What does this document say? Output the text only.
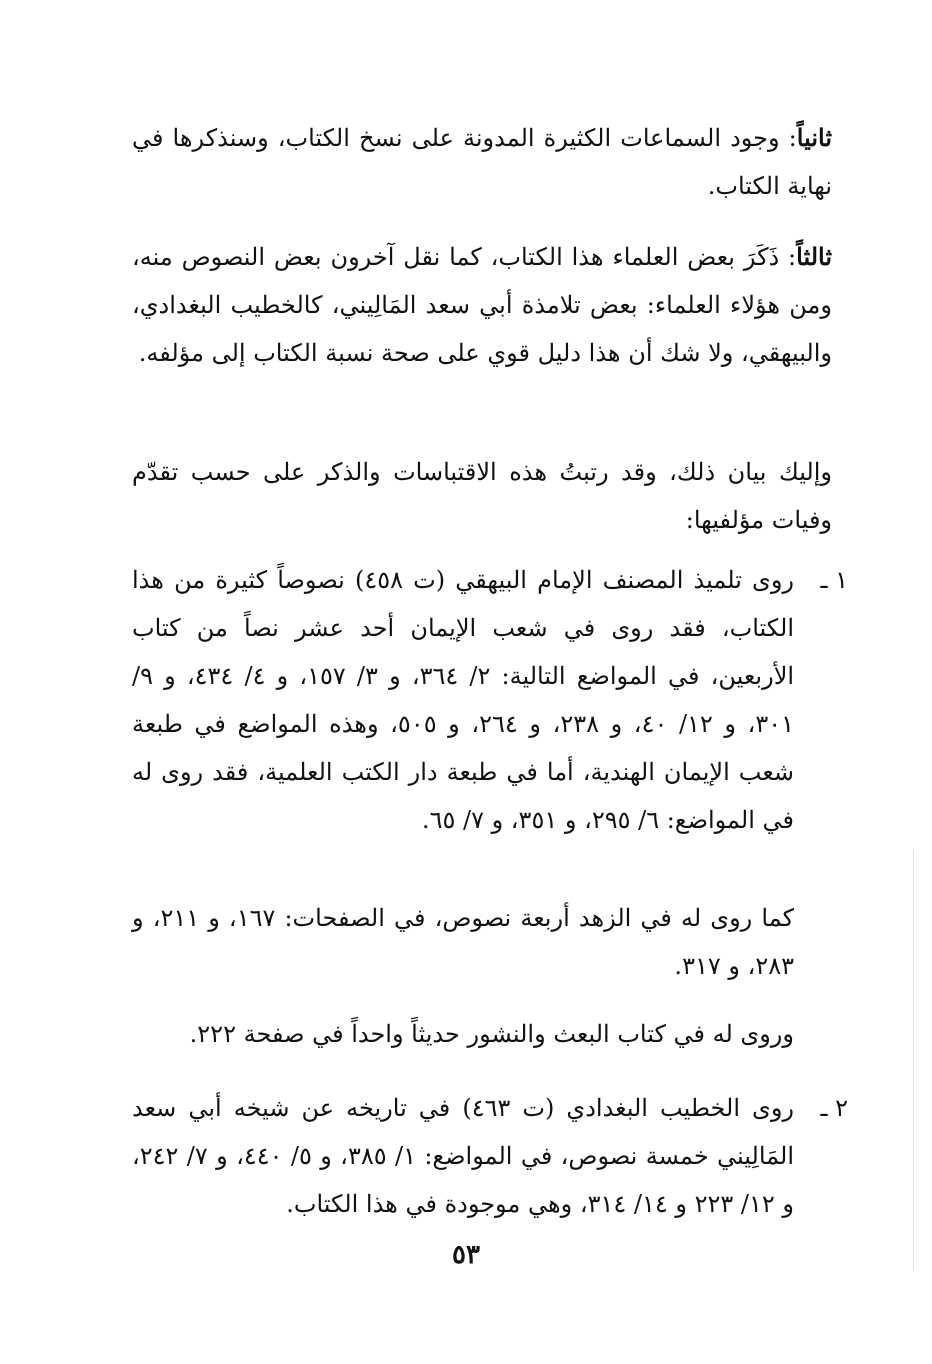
ثانياً: وجود السماعات الكثيرة المدونة على نسخ الكتاب، وسنذكرها في نهاية الكتاب.

ثالثاً: ذَكَرَ بعض العلماء هذا الكتاب، كما نقل آخرون بعض النصوص منه، ومن هؤلاء العلماء: بعض تلامذة أبي سعد المَالِيني، كالخطيب البغدادي، والبيهقي، ولا شك أن هذا دليل قوي على صحة نسبة الكتاب إلى مؤلفه.

وإليك بيان ذلك، وقد رتبتُ هذه الاقتباسات والذكر على حسب تقدّم وفيات مؤلفيها:

١ ـ
روى تلميذ المصنف الإمام البيهقي (ت ٤٥٨) نصوصاً كثيرة من هذا الكتاب، فقد روى في شعب الإيمان أحد عشر نصاً من كتاب الأربعين، في المواضع التالية: ٢/ ٣٦٤، و ٣/ ١٥٧، و ٤/ ٤٣٤، و ٩/ ٣٠١، و ١٢/ ٤٠، و ٢٣٨، و ٢٦٤، و ٥٠٥، وهذه المواضع في طبعة شعب الإيمان الهندية، أما في طبعة دار الكتب العلمية، فقد روى له في المواضع: ٦/ ٢٩٥، و ٣٥١، و ٧/ ٦٥.

كما روى له في الزهد أربعة نصوص، في الصفحات: ١٦٧، و ٢١١، و ٢٨٣، و ٣١٧.

وروى له في كتاب البعث والنشور حديثاً واحداً في صفحة ٢٢٢.

٢ ـ
روى الخطيب البغدادي (ت ٤٦٣) في تاريخه عن شيخه أبي سعد المَالِيني خمسة نصوص، في المواضع: ١/ ٣٨٥، و ٥/ ٤٤٠، و ٧/ ٢٤٢، و ١٢/ ٢٢٣ و ١٤/ ٣١٤، وهي موجودة في هذا الكتاب.
٥٣
